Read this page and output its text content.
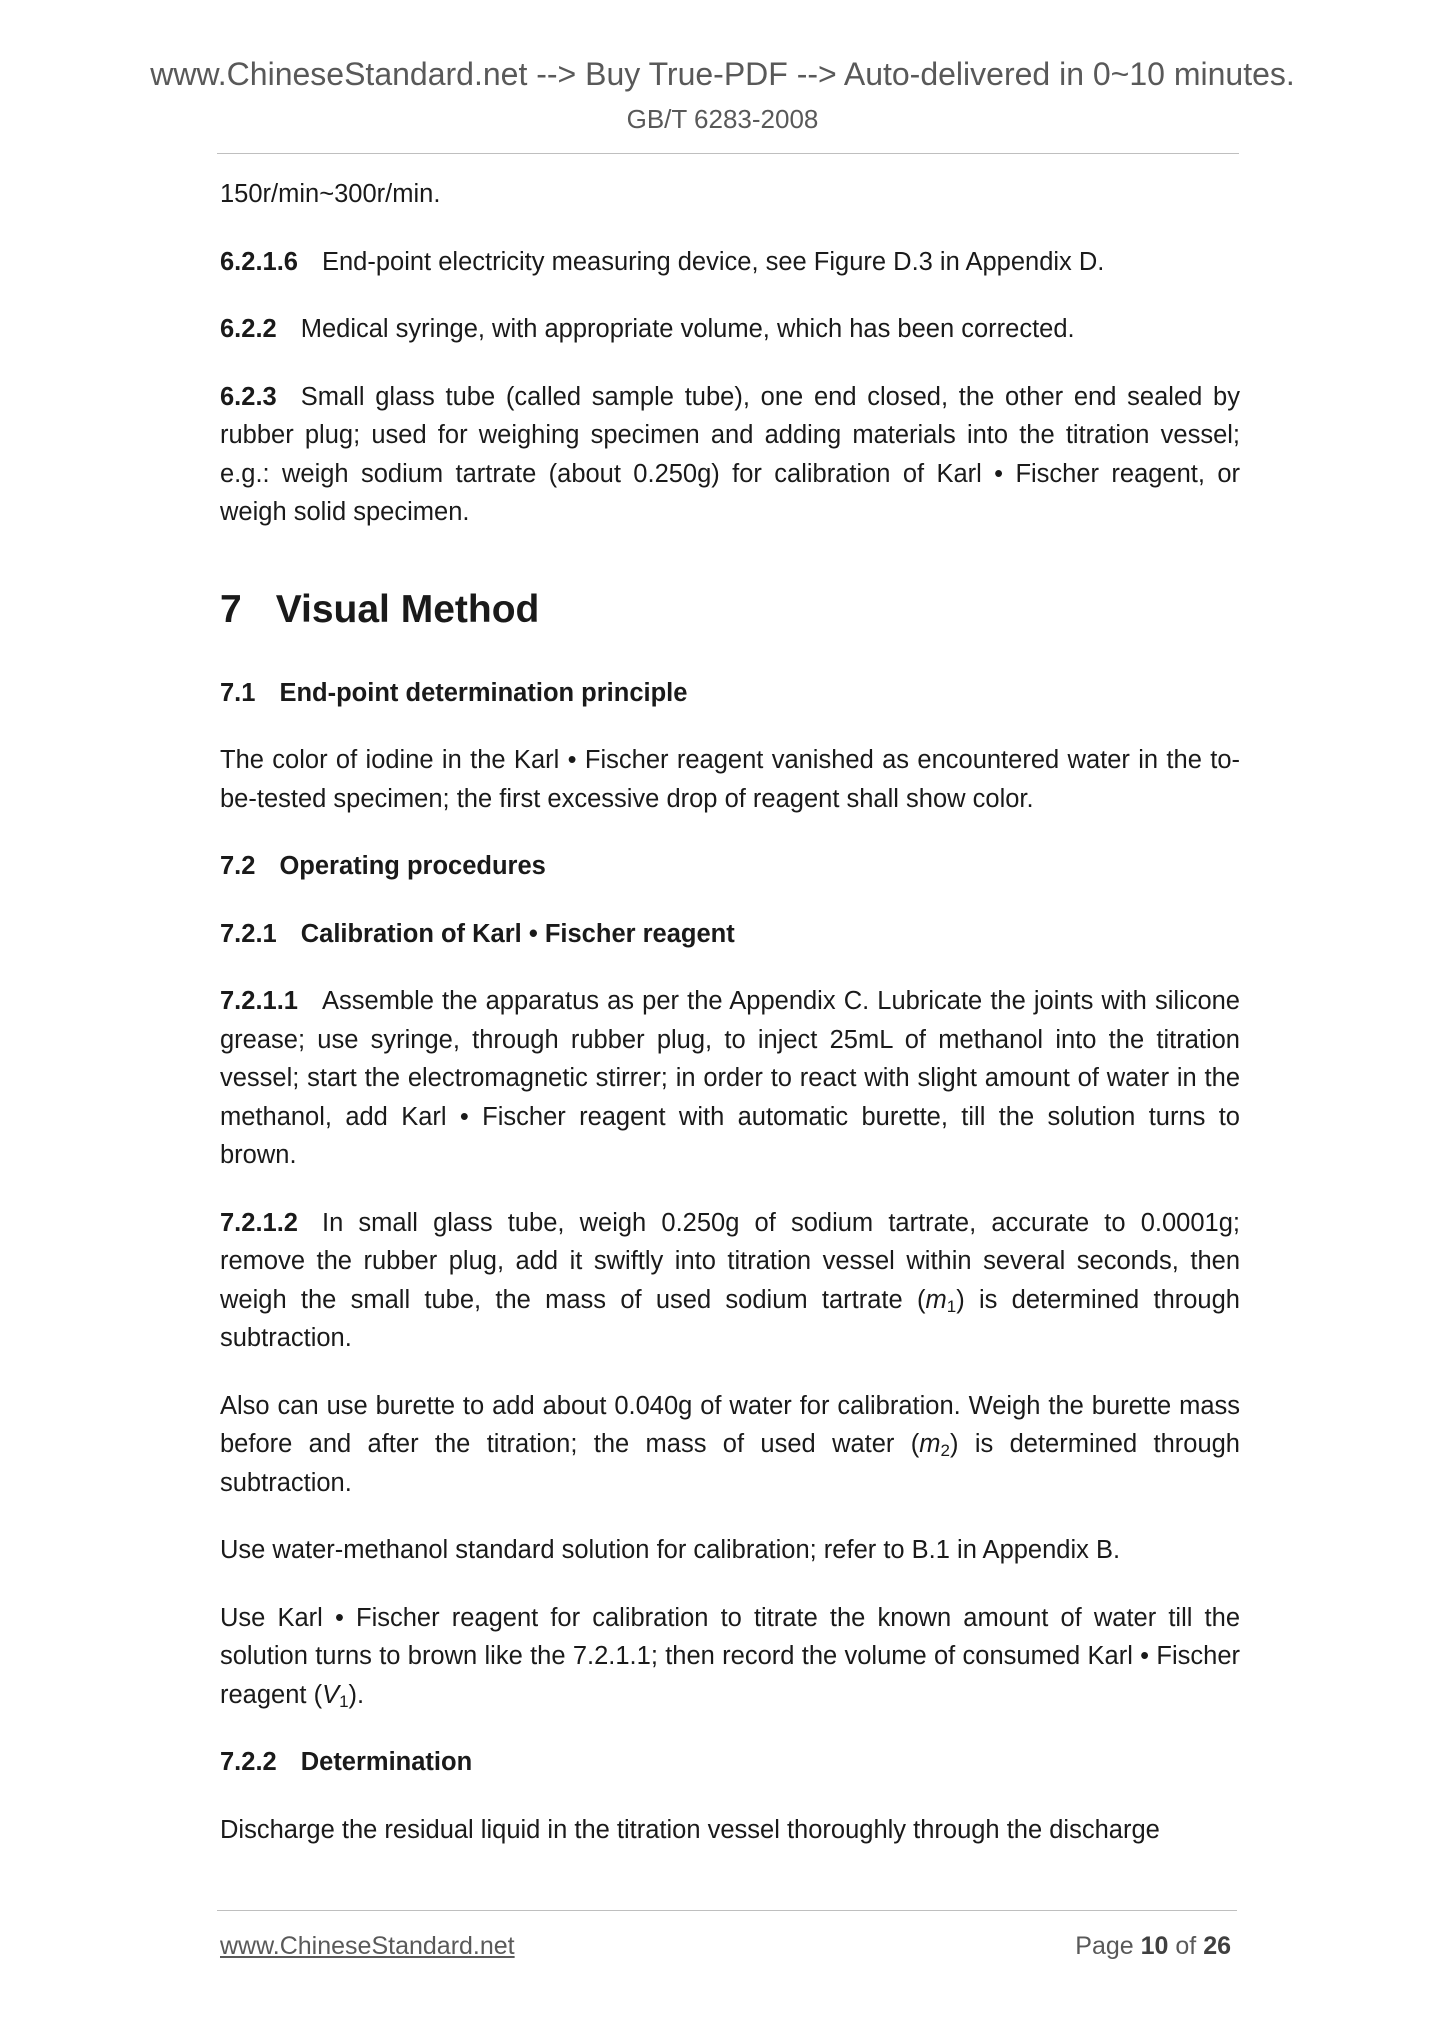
www.ChineseStandard.net --> Buy True-PDF --> Auto-delivered in 0~10 minutes.
GB/T 6283-2008

150r/min~300r/min.

6.2.1.6 End-point electricity measuring device, see Figure D.3 in Appendix D.

6.2.2 Medical syringe, with appropriate volume, which has been corrected.

6.2.3 Small glass tube (called sample tube), one end closed, the other end sealed by rubber plug; used for weighing specimen and adding materials into the titration vessel; e.g.: weigh sodium tartrate (about 0.250g) for calibration of Karl • Fischer reagent, or weigh solid specimen.

7 Visual Method

7.1 End-point determination principle

The color of iodine in the Karl • Fischer reagent vanished as encountered water in the to-be-tested specimen; the first excessive drop of reagent shall show color.

7.2 Operating procedures

7.2.1 Calibration of Karl • Fischer reagent

7.2.1.1 Assemble the apparatus as per the Appendix C. Lubricate the joints with silicone grease; use syringe, through rubber plug, to inject 25mL of methanol into the titration vessel; start the electromagnetic stirrer; in order to react with slight amount of water in the methanol, add Karl • Fischer reagent with automatic burette, till the solution turns to brown.

7.2.1.2 In small glass tube, weigh 0.250g of sodium tartrate, accurate to 0.0001g; remove the rubber plug, add it swiftly into titration vessel within several seconds, then weigh the small tube, the mass of used sodium tartrate $(m_1)$ is determined through subtraction.

Also can use burette to add about 0.040g of water for calibration. Weigh the burette mass before and after the titration; the mass of used water $(m_2)$ is determined through subtraction.

Use water-methanol standard solution for calibration; refer to B.1 in Appendix B.

Use Karl • Fischer reagent for calibration to titrate the known amount of water till the solution turns to brown like the 7.2.1.1; then record the volume of consumed Karl • Fischer reagent $(V_1)$.

7.2.2 Determination

Discharge the residual liquid in the titration vessel thoroughly through the discharge

www.ChineseStandard.net	Page 10 of 26
